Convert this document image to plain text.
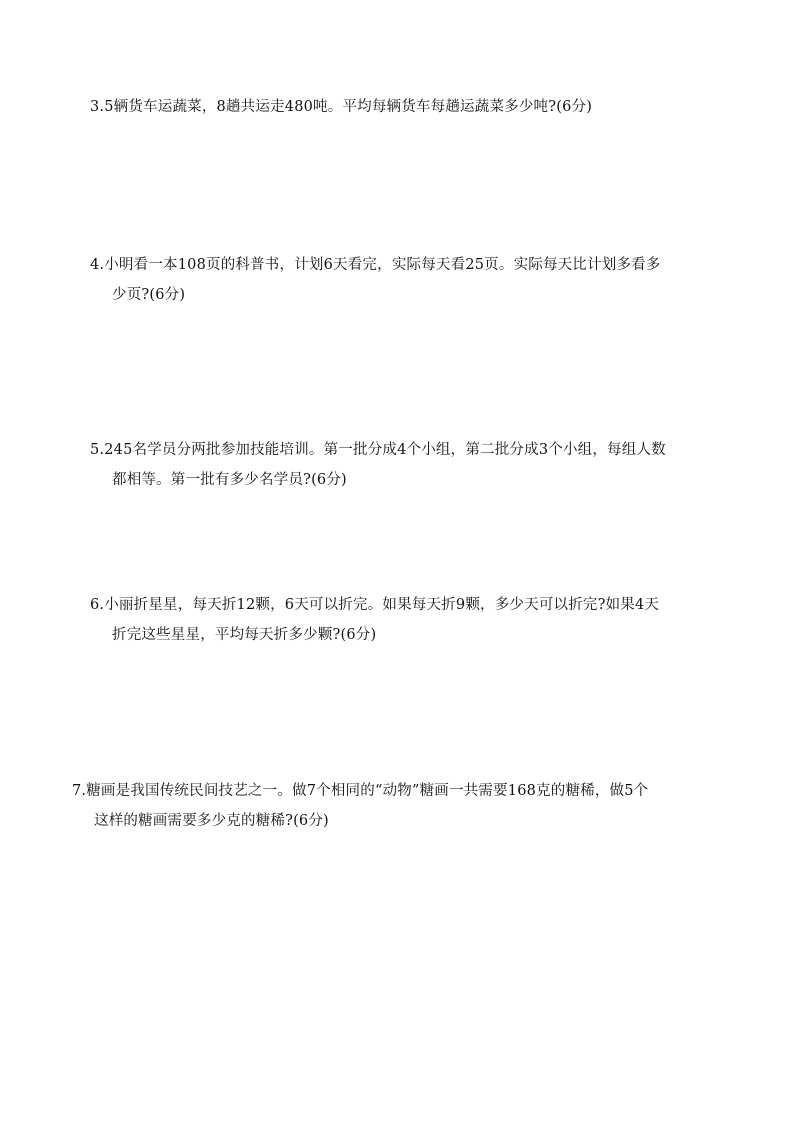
3.5辆货车运蔬菜，8趟共运走480吨。平均每辆货车每趟运蔬菜多少吨?(6分)
4.小明看一本108页的科普书，计划6天看完，实际每天看25页。实际每天比计划多看多
少页?(6分)
5.245名学员分两批参加技能培训。第一批分成4个小组，第二批分成3个小组，每组人数
都相等。第一批有多少名学员?(6分)
6.小丽折星星，每天折12颗，6天可以折完。如果每天折9颗，多少天可以折完?如果4天
折完这些星星，平均每天折多少颗?(6分)
7.糖画是我国传统民间技艺之一。做7个相同的“动物”糖画一共需要168克的糖稀，做5个
这样的糖画需要多少克的糖稀?(6分)
